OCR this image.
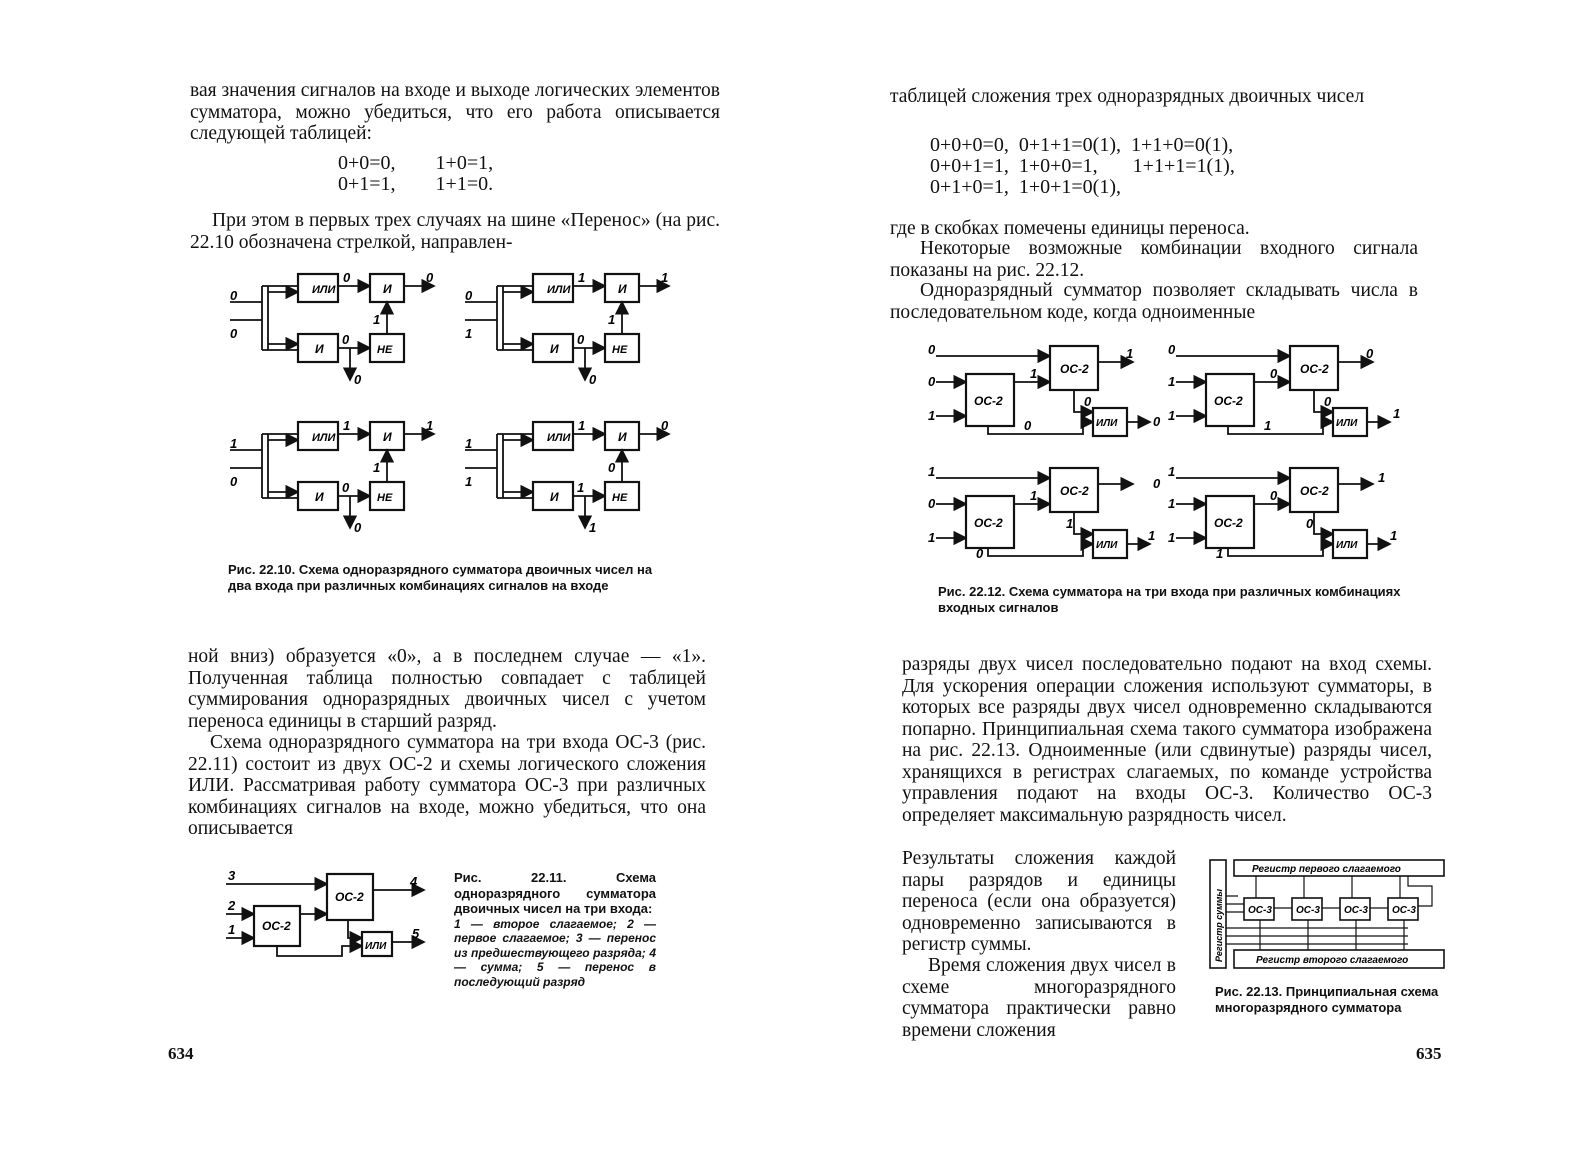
вая значения сигналов на входе и выходе логических элементов сумматора, можно убедиться, что его работа описывается следующей таблицей:

0+0=0,        1+0=1,

0+1=1,        1+1=0.

При этом в первых трех случаях на шине «Перенос» (на рис. 22.10 обозначена стрелкой, направлен-

ИЛИ
И
И
НЕ
0
0
0	0
1
0
0
ИЛИ
И
И
НЕ
0
1
1	1
1
0
0
ИЛИ
И
И
НЕ
1
0
1	1
1
0
0
ИЛИ
И
И
НЕ
1
1
1	0
0
1
1

Рис. 22.10. Схема одноразрядного сумматора двоичных чисел на два входа при различных комбинациях сигналов на входе

ной вниз) образуется «0», а в последнем случае — «1». Полученная таблица полностью совпадает с таблицей суммирования одноразрядных двоичных чисел с учетом переноса единицы в старший разряд.

Схема одноразрядного сумматора на три входа ОС-3 (рис. 22.11) состоит из двух ОС-2 и схемы логического сложения ИЛИ. Рассматривая работу сумматора ОС-3 при различных комбинациях сигналов на входе, можно убедиться, что она описывается

ОС-2
ОС-2
ИЛИ
3
2
1
4
5

Рис. 22.11. Схема одноразрядного сумматора двоичных чисел на три входа:

1 — второе слагаемое; 2 — первое слагаемое; 3 — перенос из предшествующего разряда; 4 — сумма; 5 — перенос в последующий разряд

634

таблицей сложения трех одноразрядных двоичных чисел

0+0+0=0,  0+1+1=0(1),  1+1+0=0(1),

0+0+1=1,  1+0+0=1,       1+1+1=1(1),

0+1+0=1,  1+0+1=0(1),

где в скобках помечены единицы переноса.

Некоторые возможные комбинации входного сигнала показаны на рис. 22.12.

Одноразрядный сумматор позволяет складывать числа в последовательном коде, когда одноименные

ОС-2
ОС-2
ИЛИ
ОС-2
ОС-2
ИЛИ
ОС-2
ОС-2
ИЛИ
ОС-2
ОС-2
ИЛИ
0
0
1
1
1
0
0	0
0
1
1
0
0
0
1
1
1
0
1
1
0
1
0
1
1
1
1
0
1
0
1
1

Рис. 22.12. Схема сумматора на три входа при различных комбинациях входных сигналов

разряды двух чисел последовательно подают на вход схемы. Для ускорения операции сложения используют сумматоры, в которых все разряды двух чисел одновременно складываются попарно. Принципиальная схема такого сумматора изображена на рис. 22.13. Одноименные (или сдвинутые) разряды чисел, хранящихся в регистрах слагаемых, по команде устройства управления подают на входы ОС-3. Количество ОС-3 определяет максимальную разрядность чисел.

Результаты сложения каждой пары разрядов и единицы переноса (если она образуется) одновременно записываются в регистр суммы.

Время сложения двух чисел в схеме многоразрядного сумматора практически равно времени сложения

ОС-3 ОС-3 ОС-3 ОС-3
Регистр первого слагаемого
Регистр второго слагаемого
Регистр суммы

Рис. 22.13. Принципиальная схема многоразрядного сумматора

635
